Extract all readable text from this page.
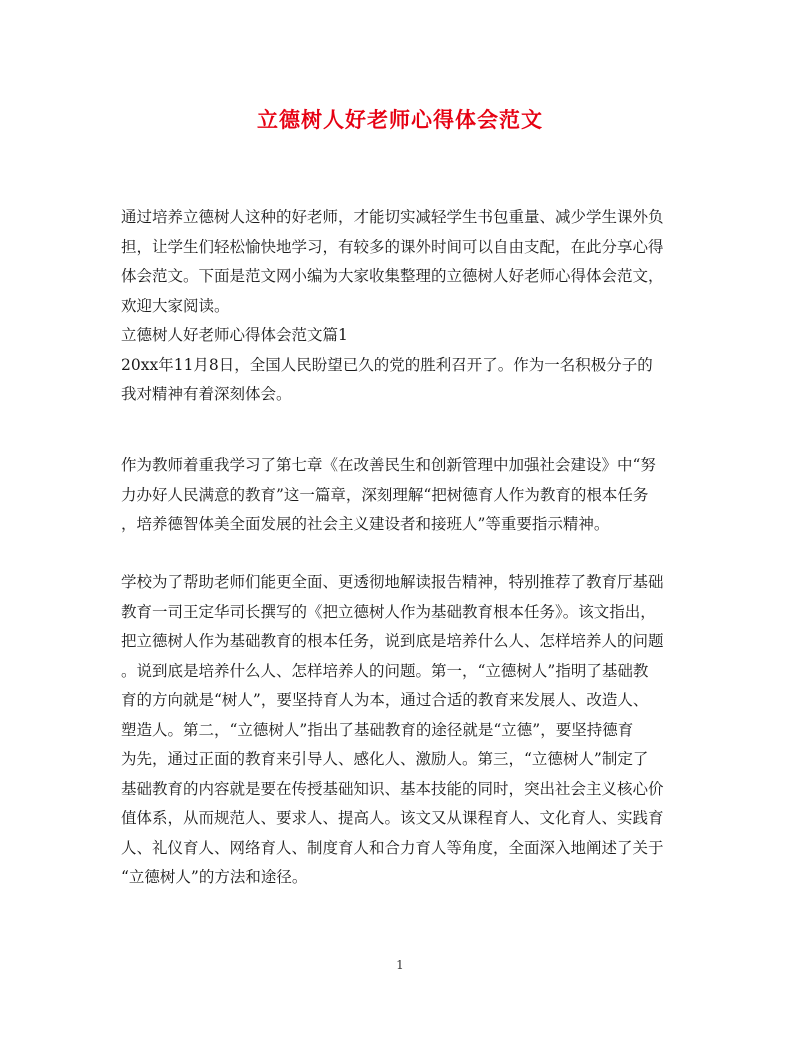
立德树人好老师心得体会范文
通过培养立德树人这种的好老师，才能切实减轻学生书包重量、减少学生课外负
担，让学生们轻松愉快地学习，有较多的课外时间可以自由支配，在此分享心得
体会范文。下面是范文网小编为大家收集整理的立德树人好老师心得体会范文，
欢迎大家阅读。
立德树人好老师心得体会范文篇1
20xx年11月8日，全国人民盼望已久的党的胜利召开了。作为一名积极分子的
我对精神有着深刻体会。
作为教师着重我学习了第七章《在改善民生和创新管理中加强社会建设》中“努
力办好人民满意的教育”这一篇章，深刻理解“把树德育人作为教育的根本任务
，培养德智体美全面发展的社会主义建设者和接班人”等重要指示精神。
学校为了帮助老师们能更全面、更透彻地解读报告精神，特别推荐了教育厅基础
教育一司王定华司长撰写的《把立德树人作为基础教育根本任务》。该文指出，
把立德树人作为基础教育的根本任务，说到底是培养什么人、怎样培养人的问题
。说到底是培养什么人、怎样培养人的问题。第一，“立德树人”指明了基础教
育的方向就是“树人”，要坚持育人为本，通过合适的教育来发展人、改造人、
塑造人。第二，“立德树人”指出了基础教育的途径就是“立德”，要坚持德育
为先，通过正面的教育来引导人、感化人、激励人。第三，“立德树人”制定了
基础教育的内容就是要在传授基础知识、基本技能的同时，突出社会主义核心价
值体系，从而规范人、要求人、提高人。该文又从课程育人、文化育人、实践育
人、礼仪育人、网络育人、制度育人和合力育人等角度，全面深入地阐述了关于
“立德树人”的方法和途径。
1
